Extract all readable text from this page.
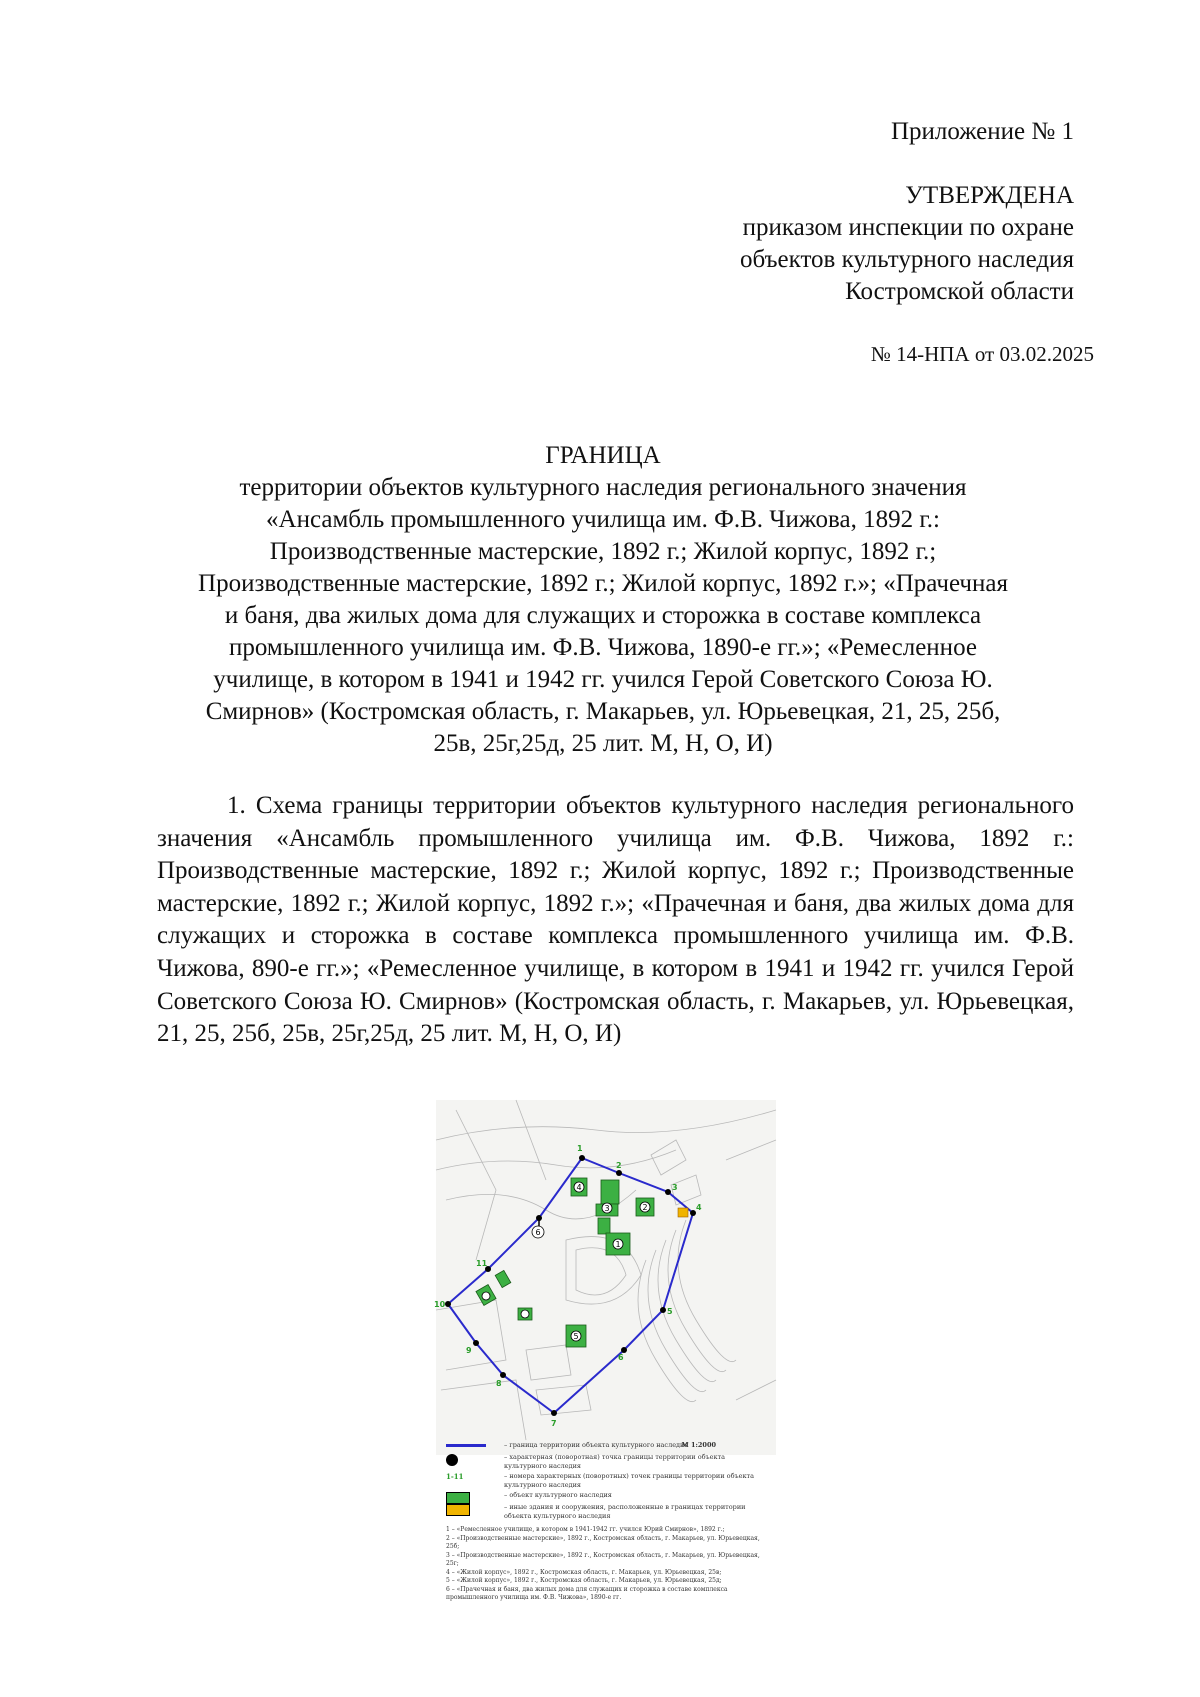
Приложение № 1
УТВЕРЖДЕНА
приказом инспекции по охране
объектов культурного наследия
Костромской области
№ 14-НПА от 03.02.2025
ГРАНИЦА
территории объектов культурного наследия регионального значения
«Ансамбль промышленного училища им. Ф.В. Чижова, 1892 г.:
Производственные мастерские, 1892 г.; Жилой корпус, 1892 г.;
Производственные мастерские, 1892 г.; Жилой корпус, 1892 г.»; «Прачечная
и баня, два жилых дома для служащих и сторожка в составе комплекса
промышленного училища им. Ф.В. Чижова, 1890-е гг.»; «Ремесленное
училище, в котором в 1941 и 1942 гг. учился Герой Советского Союза Ю.
Смирнов» (Костромская область, г. Макарьев, ул. Юрьевецкая, 21, 25, 25б,
25в, 25г,25д, 25 лит. М, Н, О, И)
1. Схема границы территории объектов культурного наследия регионального значения «Ансамбль промышленного училища им. Ф.В. Чижова, 1892 г.: Производственные мастерские, 1892 г.; Жилой корпус, 1892 г.; Производственные мастерские, 1892 г.; Жилой корпус, 1892 г.»; «Прачечная и баня, два жилых дома для служащих и сторожка в составе комплекса промышленного училища им. Ф.В. Чижова, 890-е гг.»; «Ремесленное училище, в котором в 1941 и 1942 гг. учился Герой Советского Союза Ю. Смирнов» (Костромская область, г. Макарьев, ул. Юрьевецкая, 21, 25, 25б, 25в, 25г,25д, 25 лит. М, Н, О, И)
4
3
1
2
5
6
1
2
3
4
5
6
7
8
9
10
11
– граница территории объекта культурного наследия
М 1:2000
– характерная (поворотная) точка границы территории объекта культурного наследия
1-11	– номера характерных (поворотных) точек границы территории объекта культурного наследия
– объект культурного наследия
– иные здания и сооружения, расположенные в границах территории объекта культурного наследия
1 – «Ремесленное училище, в котором в 1941-1942 гг. учился Юрий Смирнов», 1892 г.;
2 – «Производственные мастерские», 1892 г., Костромская область, г. Макарьев, ул. Юрьевецкая, 25б;
3 – «Производственные мастерские», 1892 г., Костромская область, г. Макарьев, ул. Юрьевецкая, 25г;
4 – «Жилой корпус», 1892 г., Костромская область, г. Макарьев, ул. Юрьевецкая, 25в;
5 – «Жилой корпус», 1892 г., Костромская область, г. Макарьев, ул. Юрьевецкая, 25д;
6 – «Прачечная и баня, два жилых дома для служащих и сторожка в составе комплекса промышленного училища им. Ф.В. Чижова», 1890-е гг.
